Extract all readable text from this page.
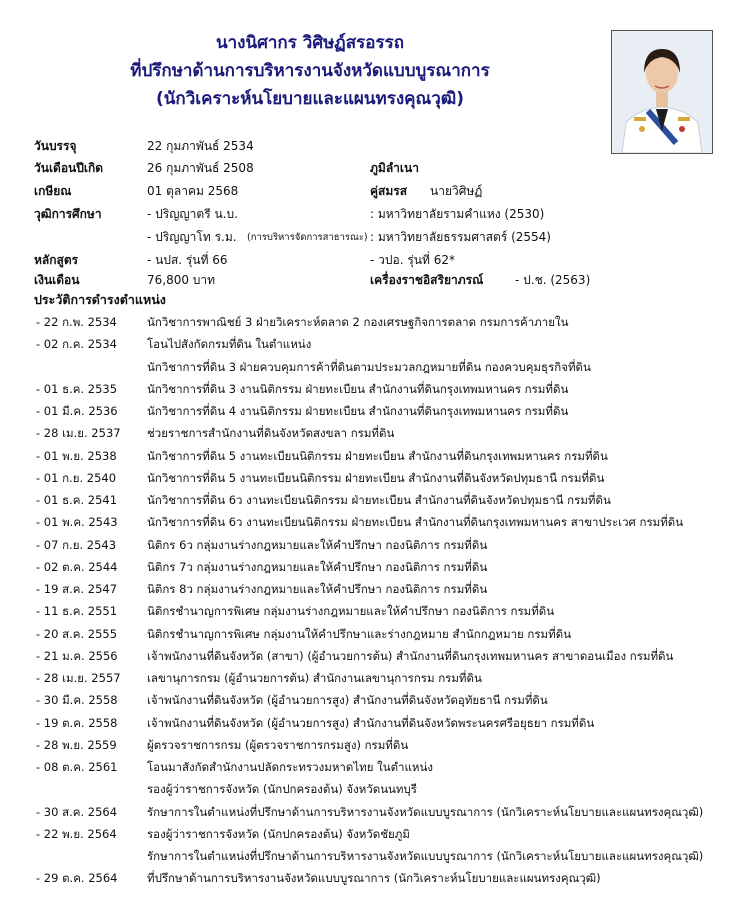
นางนิศากร วิศิษฏ์สรอรรถ
ที่ปรึกษาด้านการบริหารงานจังหวัดแบบบูรณาการ
(นักวิเคราะห์นโยบายและแผนทรงคุณวุฒิ)
วันบรรจุ	22 กุมภาพันธ์ 2534
วันเดือนปีเกิด	26 กุมภาพันธ์ 2508	ภูมิลำเนา
เกษียณ	01 ตุลาคม 2568	คู่สมรส นายวิศิษฏ์
วุฒิการศึกษา	- ปริญญาตรี น.บ.	: มหาวิทยาลัยรามคำแหง (2530)
- ปริญญาโท ร.ม. (การบริหารจัดการสาธารณะ) : มหาวิทยาลัยธรรมศาสตร์ (2554)
หลักสูตร	- นปส. รุ่นที่ 66	- วปอ. รุ่นที่ 62*
เงินเดือน	76,800 บาท	เครื่องราชอิสริยาภรณ์	- ป.ช. (2563)
ประวัติการดำรงตำแหน่ง
- 22 ก.พ. 2534	นักวิชาการพาณิชย์ 3 ฝ่ายวิเคราะห์ตลาด 2 กองเศรษฐกิจการตลาด กรมการค้าภายใน
- 02 ก.ค. 2534	โอนไปสังกัดกรมที่ดิน ในตำแหน่ง
นักวิชาการที่ดิน 3 ฝ่ายควบคุมการค้าที่ดินตามประมวลกฎหมายที่ดิน กองควบคุมธุรกิจที่ดิน
- 01 ธ.ค. 2535	นักวิชาการที่ดิน 3 งานนิติกรรม ฝ่ายทะเบียน สำนักงานที่ดินกรุงเทพมหานคร กรมที่ดิน
- 01 มี.ค. 2536	นักวิชาการที่ดิน 4 งานนิติกรรม ฝ่ายทะเบียน สำนักงานที่ดินกรุงเทพมหานคร กรมที่ดิน
- 28 เม.ย. 2537 ช่วยราชการสำนักงานที่ดินจังหวัดสงขลา กรมที่ดิน
- 01 พ.ย. 2538	นักวิชาการที่ดิน 5 งานทะเบียนนิติกรรม ฝ่ายทะเบียน สำนักงานที่ดินกรุงเทพมหานคร กรมที่ดิน
- 01 ก.ย. 2540	นักวิชาการที่ดิน 5 งานทะเบียนนิติกรรม ฝ่ายทะเบียน สำนักงานที่ดินจังหวัดปทุมธานี กรมที่ดิน
- 01 ธ.ค. 2541	นักวิชาการที่ดิน 6ว งานทะเบียนนิติกรรม ฝ่ายทะเบียน สำนักงานที่ดินจังหวัดปทุมธานี กรมที่ดิน
- 01 พ.ค. 2543	นักวิชาการที่ดิน 6ว งานทะเบียนนิติกรรม ฝ่ายทะเบียน สำนักงานที่ดินกรุงเทพมหานคร สาขาประเวศ กรมที่ดิน
- 07 ก.ย. 2543	นิติกร 6ว กลุ่มงานร่างกฎหมายและให้คำปรึกษา กองนิติการ กรมที่ดิน
- 02 ต.ค. 2544	นิติกร 7ว กลุ่มงานร่างกฎหมายและให้คำปรึกษา กองนิติการ กรมที่ดิน
- 19 ส.ค. 2547	นิติกร 8ว กลุ่มงานร่างกฎหมายและให้คำปรึกษา กองนิติการ กรมที่ดิน
- 11 ธ.ค. 2551	นิติกรชำนาญการพิเศษ กลุ่มงานร่างกฎหมายและให้คำปรึกษา กองนิติการ กรมที่ดิน
- 20 ส.ค. 2555	นิติกรชำนาญการพิเศษ กลุ่มงานให้คำปรึกษาและร่างกฎหมาย สำนักกฎหมาย กรมที่ดิน
- 21 ม.ค. 2556	เจ้าพนักงานที่ดินจังหวัด (สาขา) (ผู้อำนวยการต้น) สำนักงานที่ดินกรุงเทพมหานคร สาขาดอนเมือง กรมที่ดิน
- 28 เม.ย. 2557 เลขานุการกรม (ผู้อำนวยการต้น) สำนักงานเลขานุการกรม กรมที่ดิน
- 30 มี.ค. 2558	เจ้าพนักงานที่ดินจังหวัด (ผู้อำนวยการสูง) สำนักงานที่ดินจังหวัดอุทัยธานี กรมที่ดิน
- 19 ต.ค. 2558	เจ้าพนักงานที่ดินจังหวัด (ผู้อำนวยการสูง) สำนักงานที่ดินจังหวัดพระนครศรีอยุธยา กรมที่ดิน
- 28 พ.ย. 2559	ผู้ตรวจราชการกรม (ผู้ตรวจราชการกรมสูง) กรมที่ดิน
- 08 ต.ค. 2561	โอนมาสังกัดสำนักงานปลัดกระทรวงมหาดไทย ในตำแหน่ง
รองผู้ว่าราชการจังหวัด (นักปกครองต้น) จังหวัดนนทบุรี
- 30 ส.ค. 2564	รักษาการในตำแหน่งที่ปรึกษาด้านการบริหารงานจังหวัดแบบบูรณาการ (นักวิเคราะห์นโยบายและแผนทรงคุณวุฒิ)
- 22 พ.ย. 2564	รองผู้ว่าราชการจังหวัด (นักปกครองต้น) จังหวัดชัยภูมิ
รักษาการในตำแหน่งที่ปรึกษาด้านการบริหารงานจังหวัดแบบบูรณาการ (นักวิเคราะห์นโยบายและแผนทรงคุณวุฒิ)
- 29 ต.ค. 2564	ที่ปรึกษาด้านการบริหารงานจังหวัดแบบบูรณาการ (นักวิเคราะห์นโยบายและแผนทรงคุณวุฒิ)
